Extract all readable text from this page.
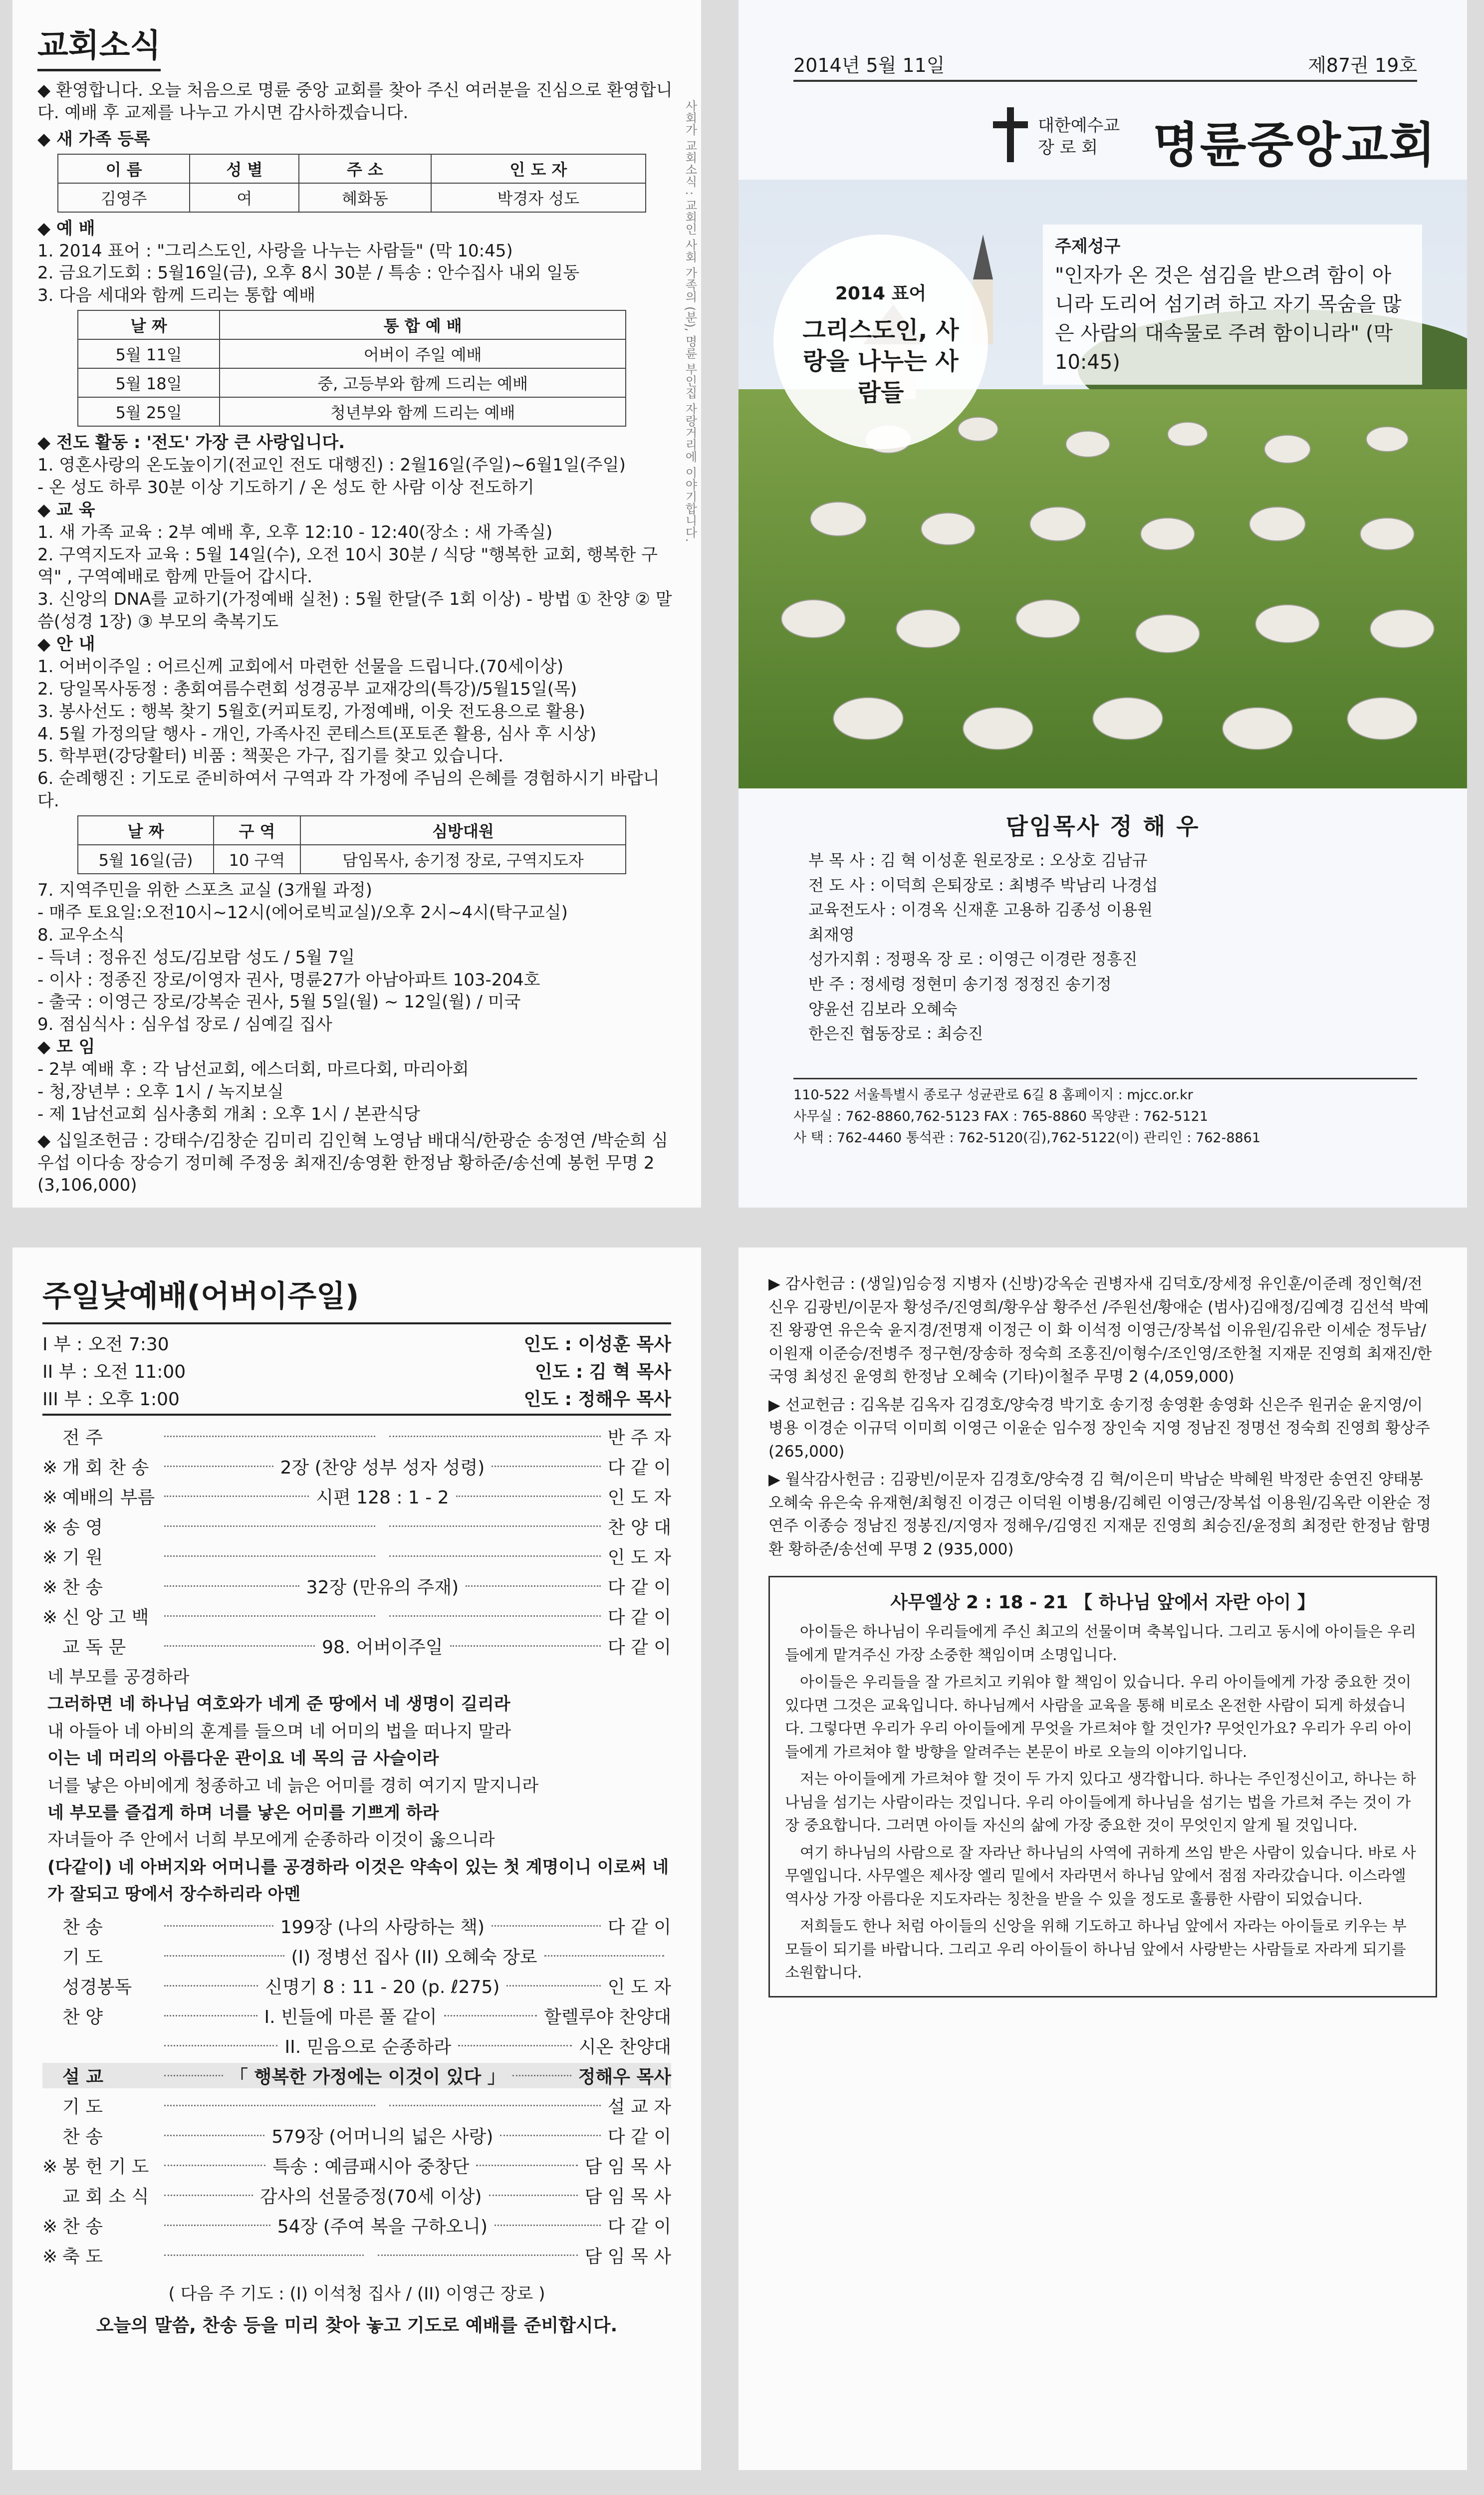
교회소식
◆ 환영합니다. 오늘 처음으로 명륜 중앙 교회를 찾아 주신 여러분을 진심으로 환영합니다. 예배 후 교제를 나누고 가시면 감사하겠습니다.
◆ 새 가족 등록
이 름	성 별	주 소	인 도 자
김영주	여	혜화동	박경자 성도
◆ 예 배
1. 2014 표어 : "그리스도인, 사랑을 나누는 사람들" (막 10:45)
2. 금요기도회 : 5월16일(금), 오후 8시 30분 / 특송 : 안수집사 내외 일동
3. 다음 세대와 함께 드리는 통합 예배
날 짜	통 합 예 배
5월 11일	어버이 주일 예배
5월 18일	중, 고등부와 함께 드리는 예배
5월 25일	청년부와 함께 드리는 예배
◆ 전도 활동 : '전도' 가장 큰 사랑입니다.
1. 영혼사랑의 온도높이기(전교인 전도 대행진) : 2월16일(주일)~6월1일(주일)
- 온 성도 하루 30분 이상 기도하기 / 온 성도 한 사람 이상 전도하기
◆ 교 육
1. 새 가족 교육 : 2부 예배 후, 오후 12:10 - 12:40(장소 : 새 가족실)
2. 구역지도자 교육 : 5월 14일(수), 오전 10시 30분 / 식당 "행복한 교회, 행복한 구역" , 구역예배로 함께 만들어 갑시다.
3. 신앙의 DNA를 교하기(가정예배 실천) : 5월 한달(주 1회 이상) - 방법 ① 찬양 ② 말씀(성경 1장) ③ 부모의 축복기도
◆ 안 내
1. 어버이주일 : 어르신께 교회에서 마련한 선물을 드립니다.(70세이상)
2. 당일목사동정 : 총회여름수련회 성경공부 교재강의(특강)/5월15일(목)
3. 봉사선도 : 행복 찾기 5월호(커피토킹, 가정예배, 이웃 전도용으로 활용)
4. 5월 가정의달 행사 - 개인, 가족사진 콘테스트(포토존 활용, 심사 후 시상)
5. 학부편(강당활터) 비품 : 책꽂은 가구, 집기를 찾고 있습니다.
6. 순례행진 : 기도로 준비하여서 구역과 각 가정에 주님의 은혜를 경험하시기 바랍니다.
날 짜	구 역	심방대원
5월 16일(금)	10 구역	담임목사, 송기정 장로, 구역지도자
7. 지역주민을 위한 스포츠 교실 (3개월 과정)
- 매주 토요일:오전10시~12시(에어로빅교실)/오후 2시~4시(탁구교실)
8. 교우소식
- 득녀 : 정유진 성도/김보람 성도 / 5월 7일
- 이사 : 정종진 장로/이영자 권사, 명륜27가 아남아파트 103-204호
- 출국 : 이영근 장로/강복순 권사, 5월 5일(월) ~ 12일(월) / 미국
9. 점심식사 : 심우섭 장로 / 심예길 집사
◆ 모 임
- 2부 예배 후 : 각 남선교회, 에스더회, 마르다회, 마리아회
- 청,장년부 : 오후 1시 / 녹지보실
- 제 1남선교회 심사총회 개최 : 오후 1시 / 본관식당
◆ 십일조헌금 : 강태수/김창순 김미리 김인혁 노영남 배대식/한광순 송정연 /박순희 심우섭 이다송 장승기 정미혜 주정웅 최재진/송영환 한정남 황하준/송선예 봉헌 무명 2 (3,106,000)
사회가 교회소식 : 교회인 사회 가족의 (분), 명륜 부인집 자랑거리에 이야기합니다.
2014년 5월 11일	제87권 19호
대한예수교
장 로 회	명륜중앙교회
2014 표어
그리스도인, 사랑을 나누는 사람들
주제성구
"인자가 온 것은 섬김을 받으려 함이 아니라 도리어 섬기려 하고 자기 목숨을 많은 사람의 대속물로 주려 함이니라" (막10:45)
담임목사 정 해 우
부 목 사 : 김 혁 이성훈 원로장로 : 오상호 김남규
전 도 사 : 이덕희 은퇴장로 : 최병주 박남리 나경섭
교육전도사 : 이경옥 신재훈 고용하 김종성 이용원
최재영
성가지휘 : 정평옥 장 로 : 이영근 이경란 정흥진
반 주 : 정세령 정현미 송기정 정정진 송기정
양윤선 김보라 오혜숙
한은진 협동장로 : 최승진
110-522 서울특별시 종로구 성균관로 6길 8 홈페이지 : mjcc.or.kr
사무실 : 762-8860,762-5123 FAX : 765-8860 목양관 : 762-5121
사 택 : 762-4460 통석관 : 762-5120(김),762-5122(이) 관리인 : 762-8861
주일낮예배(어버이주일)
I 부 : 오전 7:30	인도 : 이성훈 목사
II 부 : 오전 11:00	인도 : 김 혁 목사
III 부 : 오후 1:00	인도 : 정해우 목사
전 주	반 주 자
※ 개 회 찬 송	2장 (찬양 성부 성자 성령)	다 같 이
※ 예배의 부름	시편 128 : 1 - 2	인 도 자
※ 송 영	찬 양 대
※ 기 원	인 도 자
※ 찬 송	32장 (만유의 주재)	다 같 이
※ 신 앙 고 백	다 같 이
교 독 문	98. 어버이주일	다 같 이
네 부모를 공경하라
그러하면 네 하나님 여호와가 네게 준 땅에서 네 생명이 길리라
내 아들아 네 아비의 훈계를 들으며 네 어미의 법을 떠나지 말라
이는 네 머리의 아름다운 관이요 네 목의 금 사슬이라
너를 낳은 아비에게 청종하고 네 늙은 어미를 경히 여기지 말지니라
네 부모를 즐겁게 하며 너를 낳은 어미를 기쁘게 하라
자녀들아 주 안에서 너희 부모에게 순종하라 이것이 옳으니라
(다같이) 네 아버지와 어머니를 공경하라 이것은 약속이 있는 첫 계명이니 이로써 네가 잘되고 땅에서 장수하리라 아멘
찬 송	199장 (나의 사랑하는 책)	다 같 이
기 도	(I) 정병선 집사 (II) 오혜숙 장로
성경봉독	신명기 8 : 11 - 20 (p. ℓ275)	인 도 자
찬 양	I. 빈들에 마른 풀 같이	할렐루야 찬양대
II. 믿음으로 순종하라	시온 찬양대
설 교	「 행복한 가정에는 이것이 있다 」	정해우 목사
기 도	설 교 자
찬 송	579장 (어머니의 넓은 사랑)	다 같 이
※ 봉 헌 기 도	특송 : 예큼패시아 중창단	담 임 목 사
교 회 소 식	감사의 선물증정(70세 이상)	담 임 목 사
※ 찬 송	54장 (주여 복을 구하오니)	다 같 이
※ 축 도	담 임 목 사
( 다음 주 기도 : (I) 이석청 집사 / (II) 이영근 장로 )
오늘의 말씀, 찬송 등을 미리 찾아 놓고 기도로 예배를 준비합시다.
▶ 감사헌금 : (생일)임승정 지병자 (신방)강옥순 권병자새 김덕호/장세정 유인훈/이준례 정인혁/전신우 김광빈/이문자 황성주/진영희/황우삼 황주선 /주원선/황애순 (범사)김애정/김예경 김선석 박예진 왕광연 유은숙 윤지경/전명재 이정근 이 화 이석정 이영근/장복섭 이유원/김유란 이세순 정두남/이원재 이준승/전병주 정구현/장송하 정숙희 조홍진/이형수/조인영/조한철 지재문 진영희 최재진/한국영 최성진 윤영희 한정남 오혜숙 (기타)이철주 무명 2 (4,059,000)
▶ 선교헌금 : 김옥분 김옥자 김경호/양숙경 박기호 송기정 송영환 송영화 신은주 원귀순 윤지영/이병용 이경순 이규덕 이미희 이영근 이윤순 임수정 장인숙 지영 정남진 정명선 정숙희 진영희 황상주 (265,000)
▶ 월삭감사헌금 : 김광빈/이문자 김경호/양숙경 김 혁/이은미 박남순 박혜원 박정란 송연진 양태봉 오혜숙 유은숙 유재현/최형진 이경근 이덕원 이병용/김혜린 이영근/장복섭 이용원/김옥란 이완순 정연주 이종승 정남진 정봉진/지영자 정해우/김영진 지재문 진영희 최승진/윤정희 최정란 한정남 함명환 황하준/송선예 무명 2 (935,000)
사무엘상 2 : 18 - 21 【 하나님 앞에서 자란 아이 】
아이들은 하나님이 우리들에게 주신 최고의 선물이며 축복입니다. 그리고 동시에 아이들은 우리들에게 맡겨주신 가장 소중한 책임이며 소명입니다.
아이들은 우리들을 잘 가르치고 키워야 할 책임이 있습니다. 우리 아이들에게 가장 중요한 것이 있다면 그것은 교육입니다. 하나님께서 사람을 교육을 통해 비로소 온전한 사람이 되게 하셨습니다. 그렇다면 우리가 우리 아이들에게 무엇을 가르쳐야 할 것인가? 무엇인가요? 우리가 우리 아이들에게 가르쳐야 할 방향을 알려주는 본문이 바로 오늘의 이야기입니다.
저는 아이들에게 가르쳐야 할 것이 두 가지 있다고 생각합니다. 하나는 주인정신이고, 하나는 하나님을 섬기는 사람이라는 것입니다. 우리 아이들에게 하나님을 섬기는 법을 가르쳐 주는 것이 가장 중요합니다. 그러면 아이들 자신의 삶에 가장 중요한 것이 무엇인지 알게 될 것입니다.
여기 하나님의 사람으로 잘 자라난 하나님의 사역에 귀하게 쓰임 받은 사람이 있습니다. 바로 사무엘입니다. 사무엘은 제사장 엘리 밑에서 자라면서 하나님 앞에서 점점 자라갔습니다. 이스라엘 역사상 가장 아름다운 지도자라는 칭찬을 받을 수 있을 정도로 훌륭한 사람이 되었습니다.
저희들도 한나 처럼 아이들의 신앙을 위해 기도하고 하나님 앞에서 자라는 아이들로 키우는 부모들이 되기를 바랍니다. 그리고 우리 아이들이 하나님 앞에서 사랑받는 사람들로 자라게 되기를 소원합니다.
